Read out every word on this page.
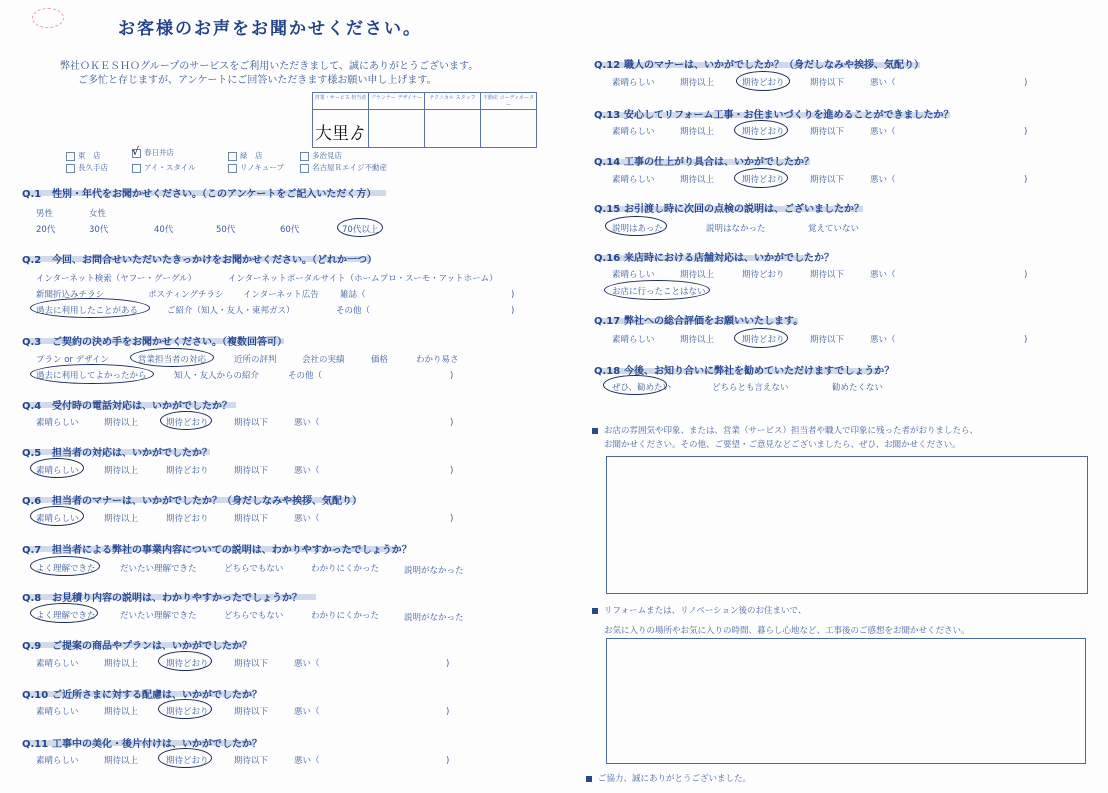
お客様のお声をお聞かせください。
弊社ＯＫＥＳＨＯグループのサービスをご利用いただきまして、誠にありがとうございます。
ご多忙と存じますが、アンケートにご回答いただきます様お願い申し上げます。
営業・サービス 担当者	プランナー デザイナー	テクニカル スタッフ	不動産 コーディネーター

大里ゟ			

東　店	√ 春日井店	緑　店	多治見店
長久手店	アイ・スタイル	リノキューブ	名古屋Ｒエイジ不動産
Q.1 性別・年代をお聞かせください。（このアンケートをご記入いただく方）
男性	女性
20代	30代	40代	50代	60代	70代以上
Q.2 今回、お問合せいただいたきっかけをお聞かせください。（どれか一つ）
インターネット検索（ヤフー・グーグル）	インターネットポータルサイト（ホームプロ・スーモ・アットホーム）
新聞折込みチラシ	ポスティングチラシ インターネット広告	雑誌（	)
過去に利用したことがある	ご紹介（知人・友人・東邦ガス）	その他（	)
Q.3 ご契約の決め手をお聞かせください。（複数回答可）
プラン or デザイン	営業担当者の対応	近所の評判	会社の実績	価格	わかり易さ
過去に利用してよかったから	知人・友人からの紹介	その他（	)
Q.4 受付時の電話対応は、いかがでしたか？
素晴らしい	期待以上	期待どおり	期待以下	悪い（	)
Q.5 担当者の対応は、いかがでしたか？
素晴らしい	期待以上	期待どおり	期待以下	悪い（	)
Q.6 担当者のマナーは、いかがでしたか？（身だしなみや挨拶、気配り）
素晴らしい	期待以上	期待どおり	期待以下	悪い（	)
Q.7 担当者による弊社の事業内容についての説明は、わかりやすかったでしょうか？
よく理解できた	だいたい理解できた	どちらでもない	わかりにくかった	説明がなかった
Q.8 お見積り内容の説明は、わかりやすかったでしょうか？
よく理解できた	だいたい理解できた	どちらでもない	わかりにくかった	説明がなかった
Q.9 ご提案の商品やプランは、いかがでしたか？
素晴らしい	期待以上	期待どおり	期待以下	悪い（	)
Q.10 ご近所さまに対する配慮は、いかがでしたか？
素晴らしい	期待以上	期待どおり	期待以下	悪い（	)
Q.11 工事中の美化・後片付けは、いかがでしたか？
素晴らしい	期待以上	期待どおり	期待以下	悪い（	)
Q.12 職人のマナーは、いかがでしたか？（身だしなみや挨拶、気配り）
素晴らしい	期待以上	期待どおり	期待以下	悪い（	)
Q.13 安心してリフォーム工事・お住まいづくりを進めることができましたか？
素晴らしい	期待以上	期待どおり	期待以下	悪い（	)
Q.14 工事の仕上がり具合は、いかがでしたか？
素晴らしい	期待以上	期待どおり	期待以下	悪い（	)
Q.15 お引渡し時に次回の点検の説明は、ございましたか？
説明はあった	説明はなかった	覚えていない
Q.16 来店時における店舗対応は、いかがでしたか？
素晴らしい	期待以上	期待どおり	期待以下	悪い（	)
お店に行ったことはない
Q.17 弊社への総合評価をお願いいたします。
素晴らしい	期待以上	期待どおり	期待以下	悪い（	)
Q.18 今後、お知り合いに弊社を勧めていただけますでしょうか？
ぜひ、勧めたい	どちらとも言えない	勧めたくない
お店の雰囲気や印象、または、営業（サービス）担当者や職人で印象に残った者がおりましたら、
お聞かせください。その他、ご要望・ご意見などございましたら、ぜひ、お聞かせください。
リフォームまたは、リノベーション後のお住まいで、
お気に入りの場所やお気に入りの時間、暮らし心地など、工事後のご感想をお聞かせください。
ご協力、誠にありがとうございました。
